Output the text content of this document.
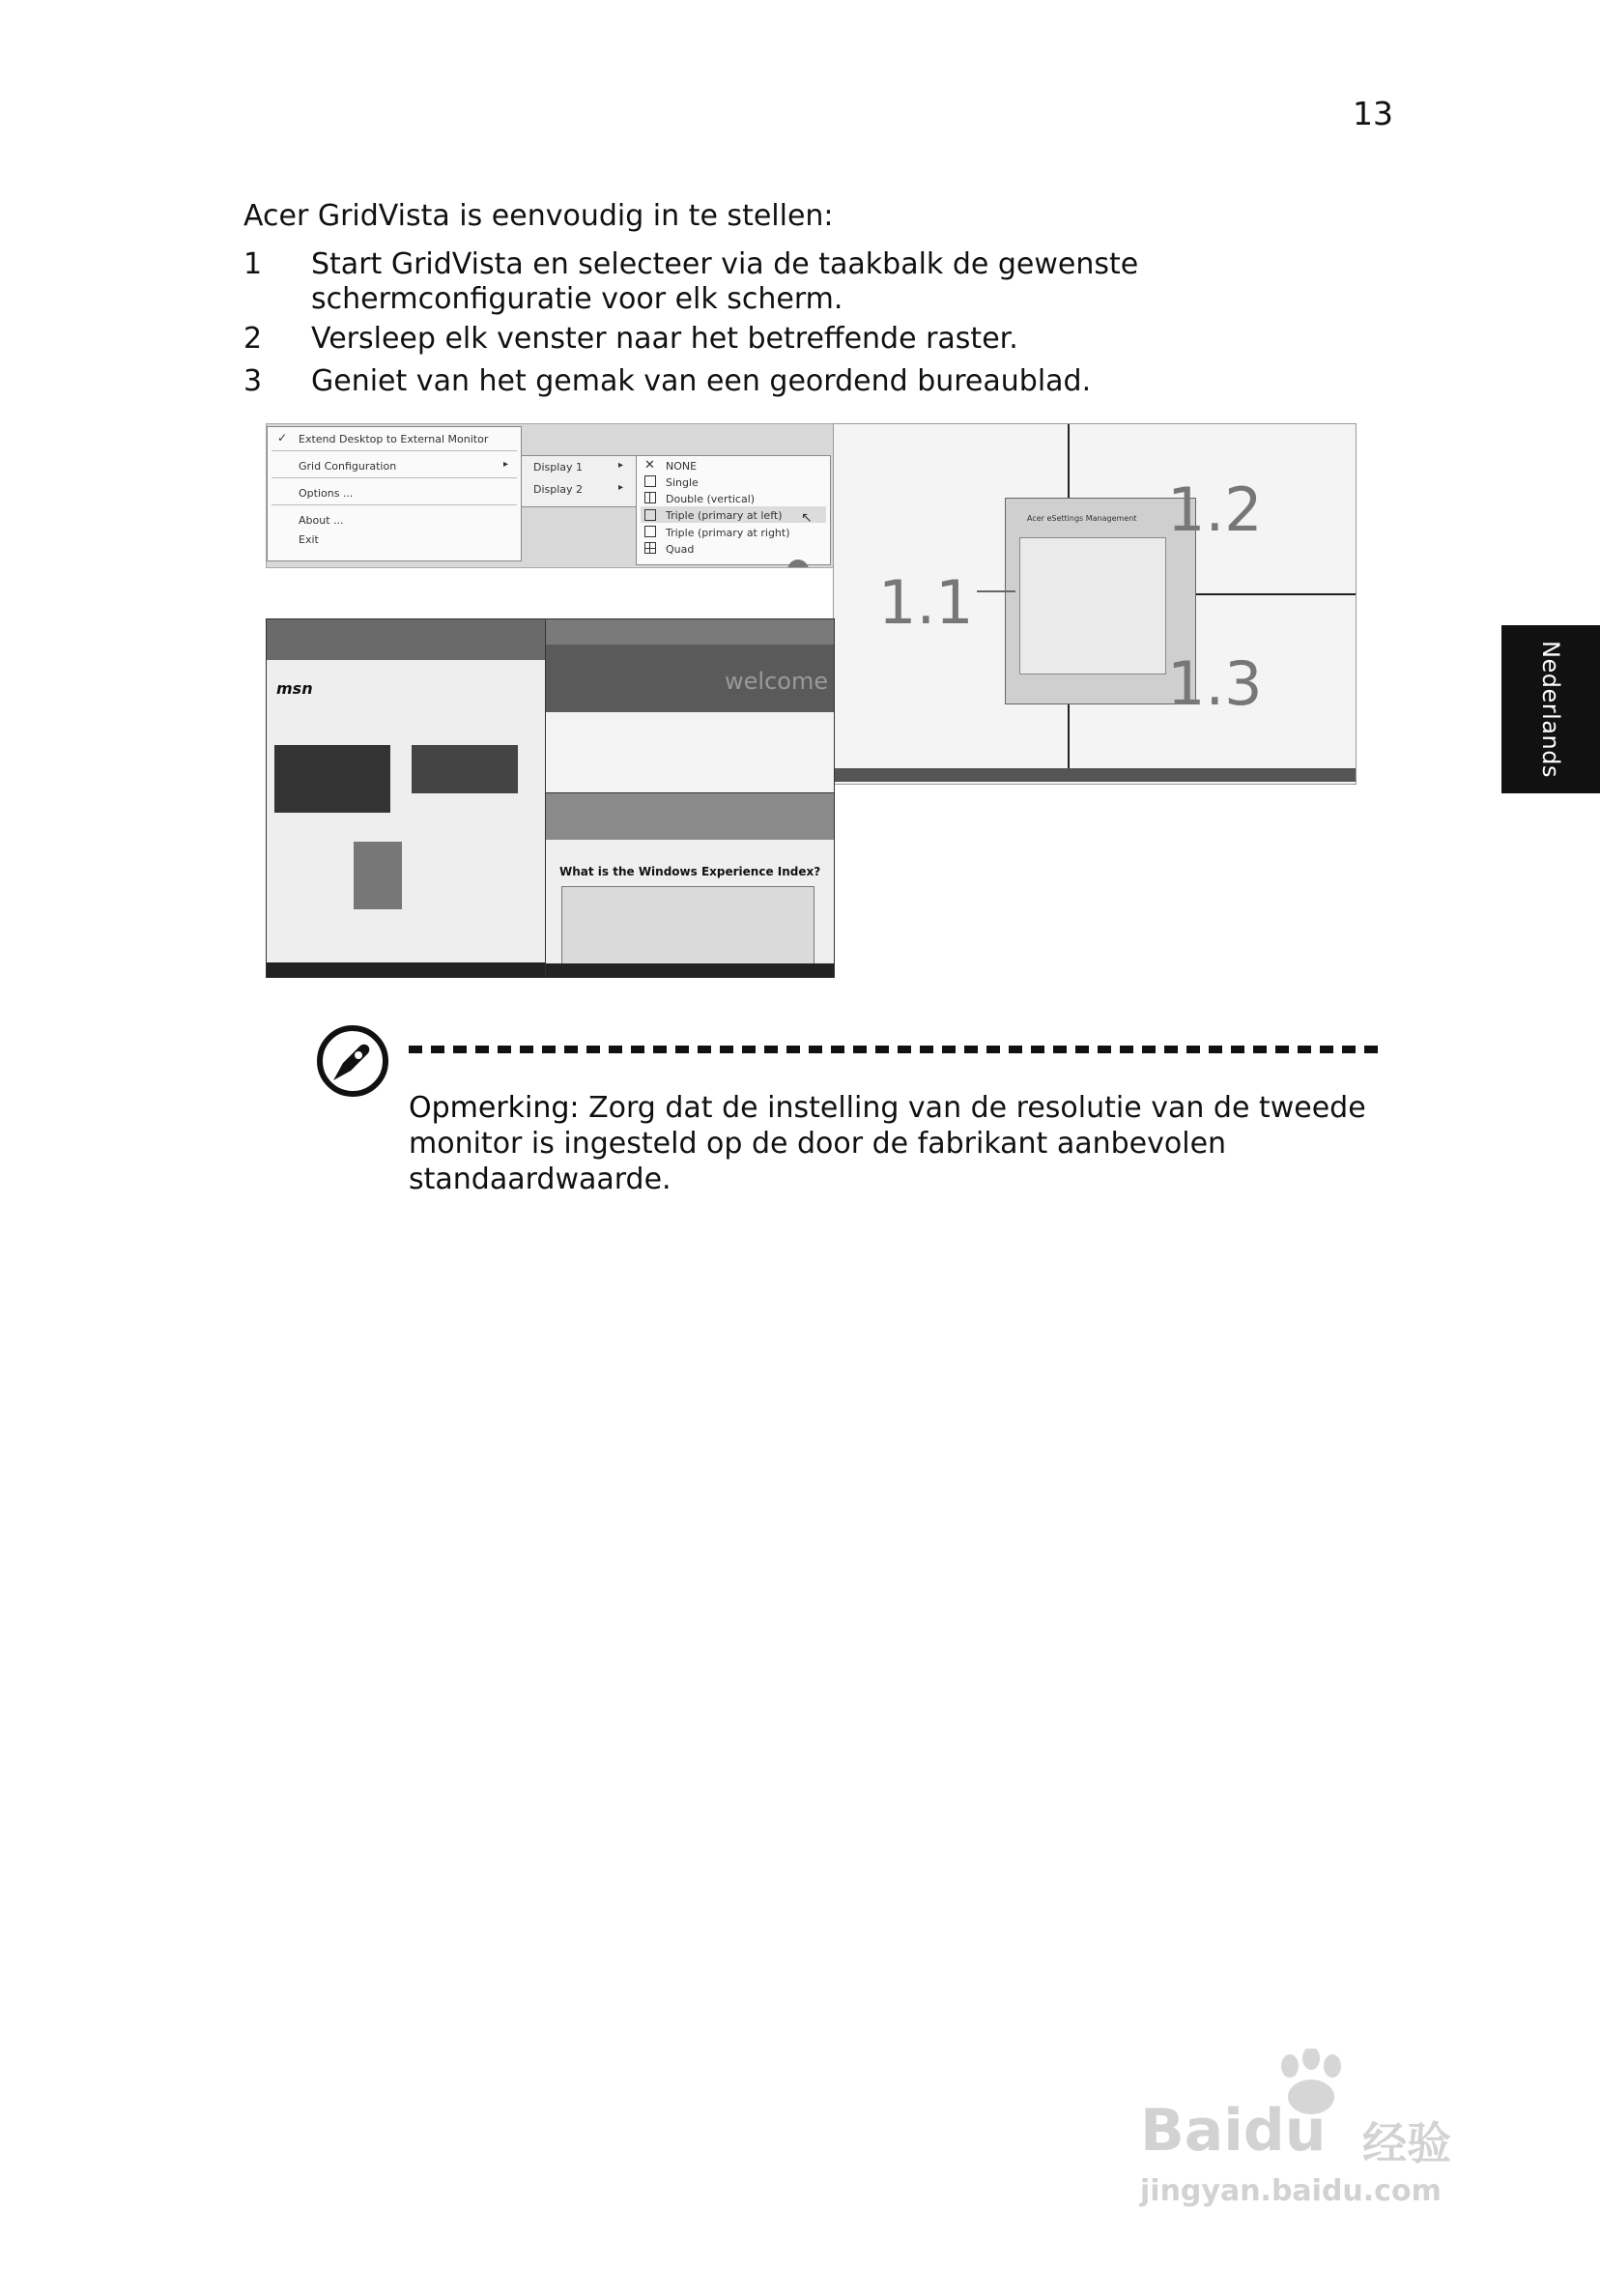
13
Nederlands
Acer GridVista is eenvoudig in te stellen:
1 Start GridVista en selecteer via de taakbalk de gewenste
schermconfiguratie voor elk scherm.
2 Versleep elk venster naar het betreffende raster.
3 Geniet van het gemak van een geordend bureaublad.
✓ Extend Desktop to External Monitor
Grid Configuration	▸
Options ...
About ...
Exit
Display 1	▸
Display 2	▸
✕ NONE
Single
Double (vertical)
Triple (primary at left) ↖
Triple (primary at right)
Quad
Acer eSettings Management
1.1
1.2
1.3
msn	welcome
What is the Windows Experience Index?
Opmerking: Zorg dat de instelling van de resolutie van de tweede monitor is ingesteld op de door de fabrikant aanbevolen standaardwaarde.
Baidu 经验
jingyan.baidu.com
